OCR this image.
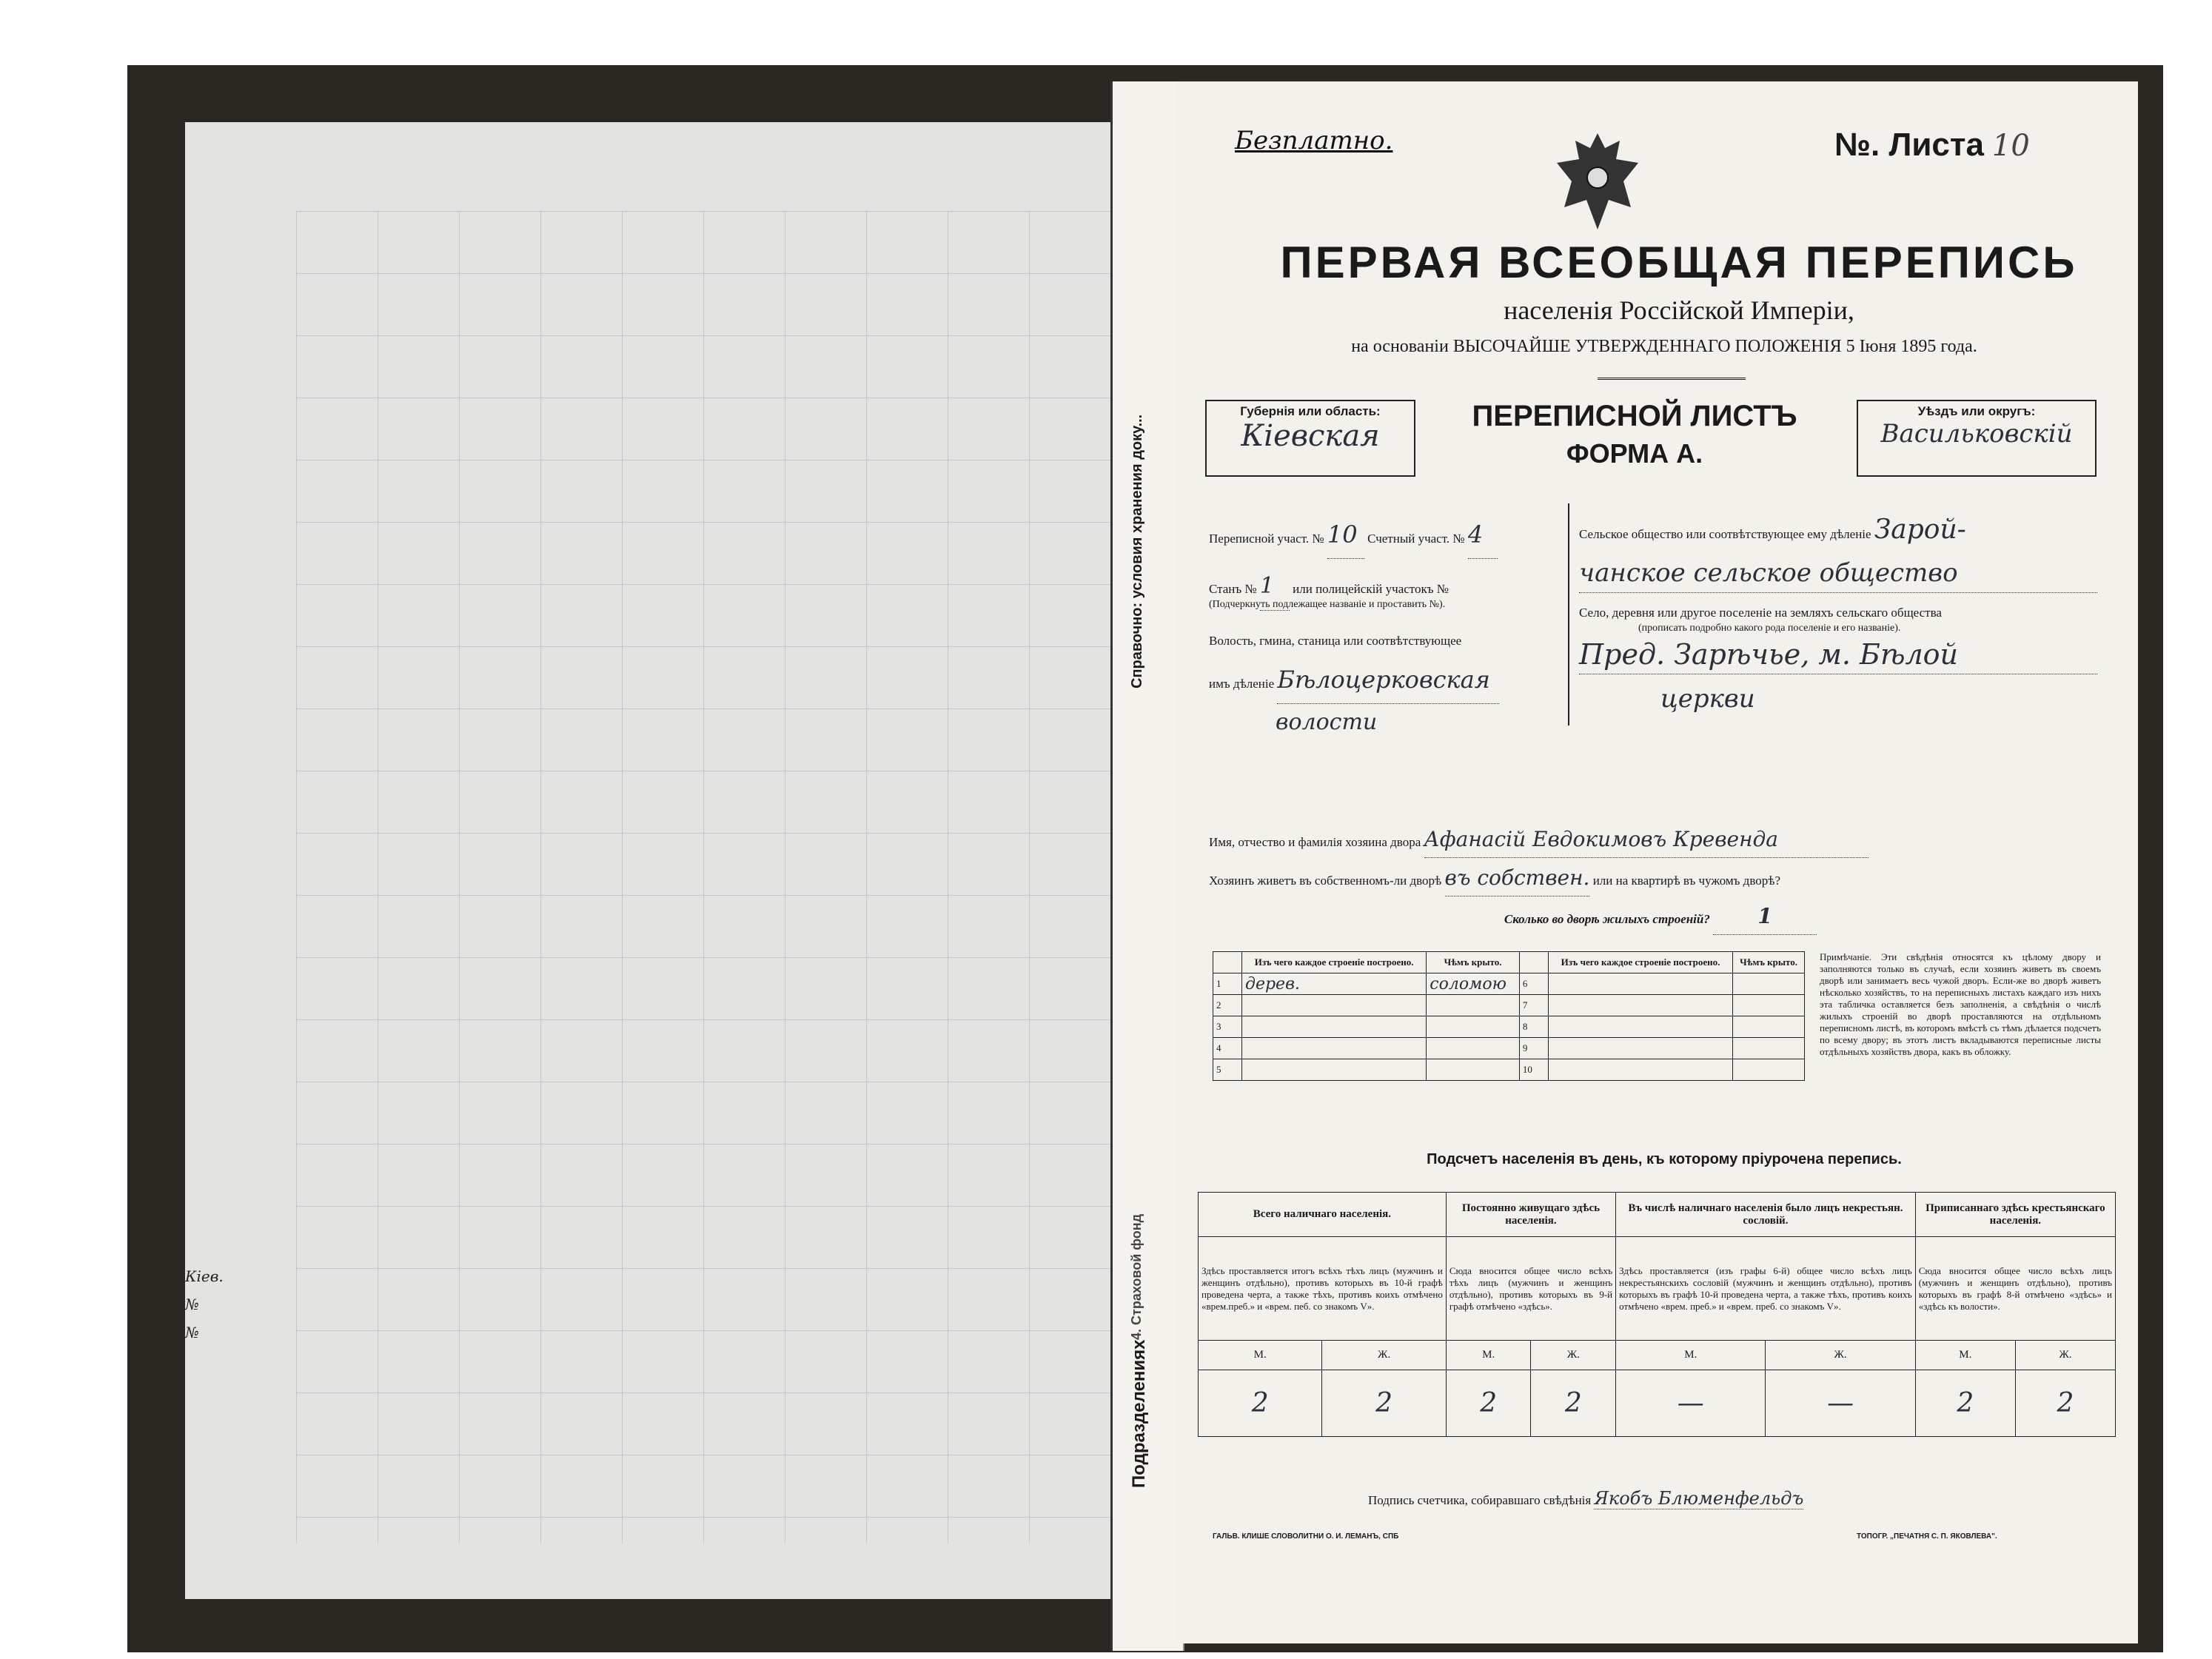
Кіев.
№
№
Подразделениях
Справочно: условия хранения доку...
4. Страховой фонд
Безплатно.	№. Листа 10
ПЕРВАЯ ВСЕОБЩАЯ ПЕРЕПИСЬ
населенія Россійской Имперіи,
на основаніи ВЫСОЧАЙШЕ УТВЕРЖДЕННАГО ПОЛОЖЕНІЯ 5 Іюня 1895 года.
Губернія или область:
Кіевская
ПЕРЕПИСНОЙ ЛИСТЪ
ФОРМА А.
Уѣздъ или округъ:
Васильковскій
Переписной участ. № 10 Счетный участ. № 4
Станъ № 1 или полицейскій участокъ №
(Подчеркнуть подлежащее названіе и проставить №).
Волость, гмина, станица или соотвѣтствующее
имъ дѣленіе Бѣлоцерковская
волости
Сельское общество или соотвѣтствующее ему дѣленіе Зарой-
чанское сельское общество
Село, деревня или другое поселеніе на земляхъ сельскаго общества
(прописать подробно какого рода поселеніе и его названіе).
Пред. Зарѣчье, м. Бѣлой
церкви
Имя, отчество и фамилія хозяина двора Афанасій Евдокимовъ Кревенда
Хозяинъ живетъ въ собственномъ-ли дворѣ въ собствен. или на квартирѣ въ чужомъ дворѣ?
Сколько во дворѣ жилыхъ строеній? 1
	Изъ чего каждое строеніе построено.	Чѣмъ крыто.		Изъ чего каждое строеніе построено.	Чѣмъ крыто.
1	дерев.	соломою	6		
2			7		
3			8		
4			9		
5			10		
Примѣчаніе. Эти свѣдѣнія относятся къ цѣлому двору и заполняются только въ случаѣ, если хозяинъ живетъ въ своемъ дворѣ или занимаетъ весь чужой дворъ. Если-же во дворѣ живетъ нѣсколько хозяйствъ, то на переписныхъ листахъ каждаго изъ нихъ эта табличка оставляется безъ заполненія, а свѣдѣнія о числѣ жилыхъ строеній во дворѣ проставляются на отдѣльномъ переписномъ листѣ, въ которомъ вмѣстѣ съ тѣмъ дѣлается подсчетъ по всему двору; въ этотъ листъ вкладываются переписные листы отдѣльныхъ хозяйствъ двора, какъ въ обложку.
Подсчетъ населенія въ день, къ которому пріурочена перепись.
Всего наличнаго населенія.		Постоянно живущаго здѣсь населенія.		Въ числѣ наличнаго населенія было лицъ некрестьян. сословій.		Приписаннаго здѣсь крестьянскаго населенія.	
Здѣсь проставляется итогъ всѣхъ тѣхъ лицъ (мужчинъ и женщинъ отдѣльно), противъ которыхъ въ 10-й графѣ проведена черта, а также тѣхъ, противъ коихъ отмѣчено «врем.преб.» и «врем. пеб. со знакомъ V».		Сюда вносится общее число всѣхъ тѣхъ лицъ (мужчинъ и женщинъ отдѣльно), противъ которыхъ въ 9-й графѣ отмѣчено «здѣсь».		Здѣсь проставляется (изъ графы 6-й) общее число всѣхъ лицъ некрестьянскихъ сословій (мужчинъ и женщинъ отдѣльно), противъ которыхъ въ графѣ 10-й проведена черта, а также тѣхъ, противъ коихъ отмѣчено «врем. преб.» и «врем. преб. со знакомъ V».		Сюда вносится общее число всѣхъ лицъ (мужчинъ и женщинъ отдѣльно), противъ которыхъ въ графѣ 8-й отмѣчено «здѣсь» и «здѣсь къ волости».	
М.	Ж.	М.	Ж.	М.	Ж.	М.	Ж.
2	2	2	2	—	—	2	2
Подпись счетчика, собиравшаго свѣдѣнія Якобъ Блюменфельдъ
ГАЛЬВ. КЛИШЕ СЛОВОЛИТНИ О. И. ЛЕМАНЪ, СПБ	ТОПОГР. „ПЕЧАТНЯ С. П. ЯКОВЛЕВА".
